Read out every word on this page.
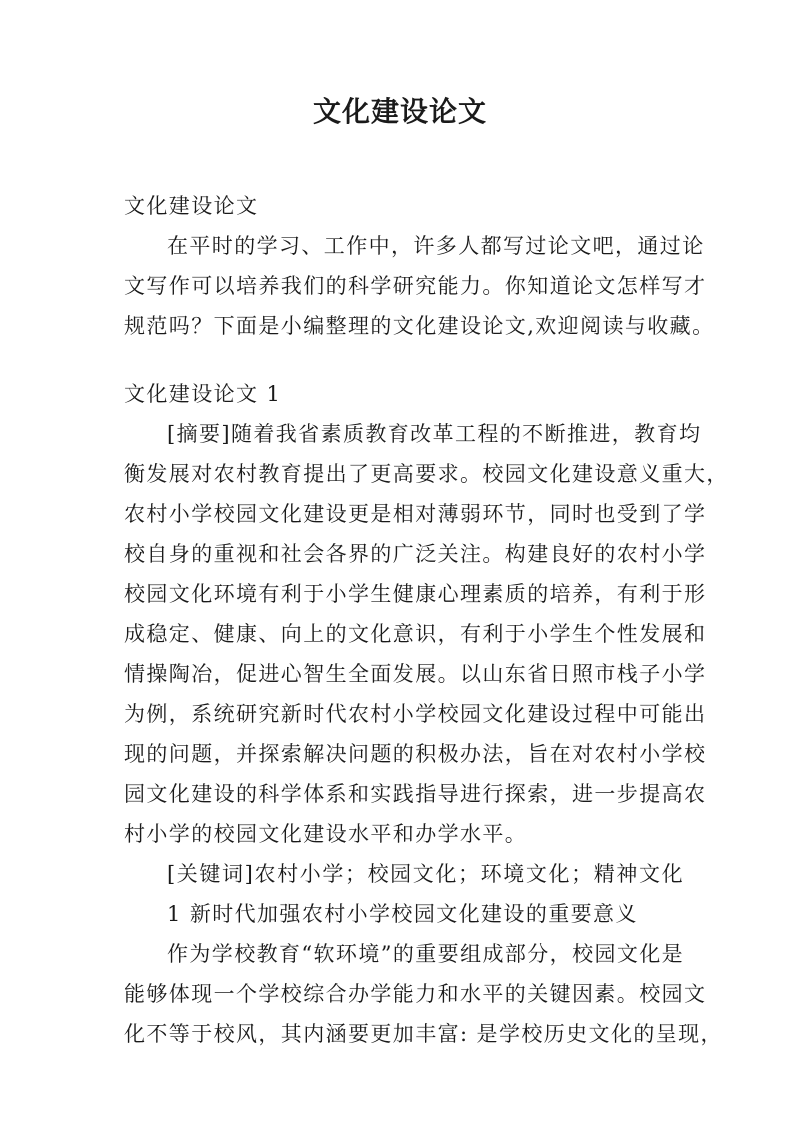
文化建设论文
文化建设论文
在平时的学习、工作中，许多人都写过论文吧，通过论
文写作可以培养我们的科学研究能力。你知道论文怎样写才
规范吗？下面是小编整理的文化建设论文,欢迎阅读与收藏。
文化建设论文 1
[摘要]随着我省素质教育改革工程的不断推进，教育均
衡发展对农村教育提出了更高要求。校园文化建设意义重大，
农村小学校园文化建设更是相对薄弱环节，同时也受到了学
校自身的重视和社会各界的广泛关注。构建良好的农村小学
校园文化环境有利于小学生健康心理素质的培养，有利于形
成稳定、健康、向上的文化意识，有利于小学生个性发展和
情操陶冶，促进心智生全面发展。以山东省日照市栈子小学
为例，系统研究新时代农村小学校园文化建设过程中可能出
现的问题，并探索解决问题的积极办法，旨在对农村小学校
园文化建设的科学体系和实践指导进行探索，进一步提高农
村小学的校园文化建设水平和办学水平。
[关键词]农村小学；校园文化；环境文化；精神文化
1 新时代加强农村小学校园文化建设的重要意义
作为学校教育“软环境”的重要组成部分，校园文化是
能够体现一个学校综合办学能力和水平的关键因素。校园文
化不等于校风，其内涵要更加丰富: 是学校历史文化的呈现，
